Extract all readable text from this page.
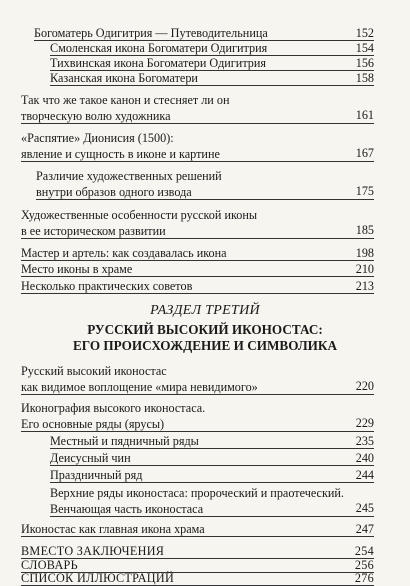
Богоматерь Одигитрия — Путеводительница	152
Смоленская икона Богоматери Одигитрия	154
Тихвинская икона Богоматери Одигитрия	156
Казанская икона Богоматери	158
Так что же такое канон и стесняет ли он
творческую волю художника	161
«Распятие» Дионисия (1500):
явление и сущность в иконе и картине	167
Различие художественных решений
внутри образов одного извода	175
Художественные особенности русской иконы
в ее историческом развитии	185
Мастер и артель: как создавалась икона	198
Место иконы в храме	210
Несколько практических советов	213
РАЗДЕЛ ТРЕТИЙ
РУССКИЙ ВЫСОКИЙ ИКОНОСТАС:
ЕГО ПРОИСХОЖДЕНИЕ И СИМВОЛИКА
Русский высокий иконостас
как видимое воплощение «мира невидимого»	220
Иконография высокого иконостаса.
Его основные ряды (ярусы)	229
Местный и пядничный ряды	235
Деисусный чин	240
Праздничный ряд	244
Верхние ряды иконостаса: пророческий и праотеческий.
Венчающая часть иконостаса	245
Иконостас как главная икона храма	247
ВМЕСТО ЗАКЛЮЧЕНИЯ	254
СЛОВАРЬ	256
СПИСОК ИЛЛЮСТРАЦИЙ	276
